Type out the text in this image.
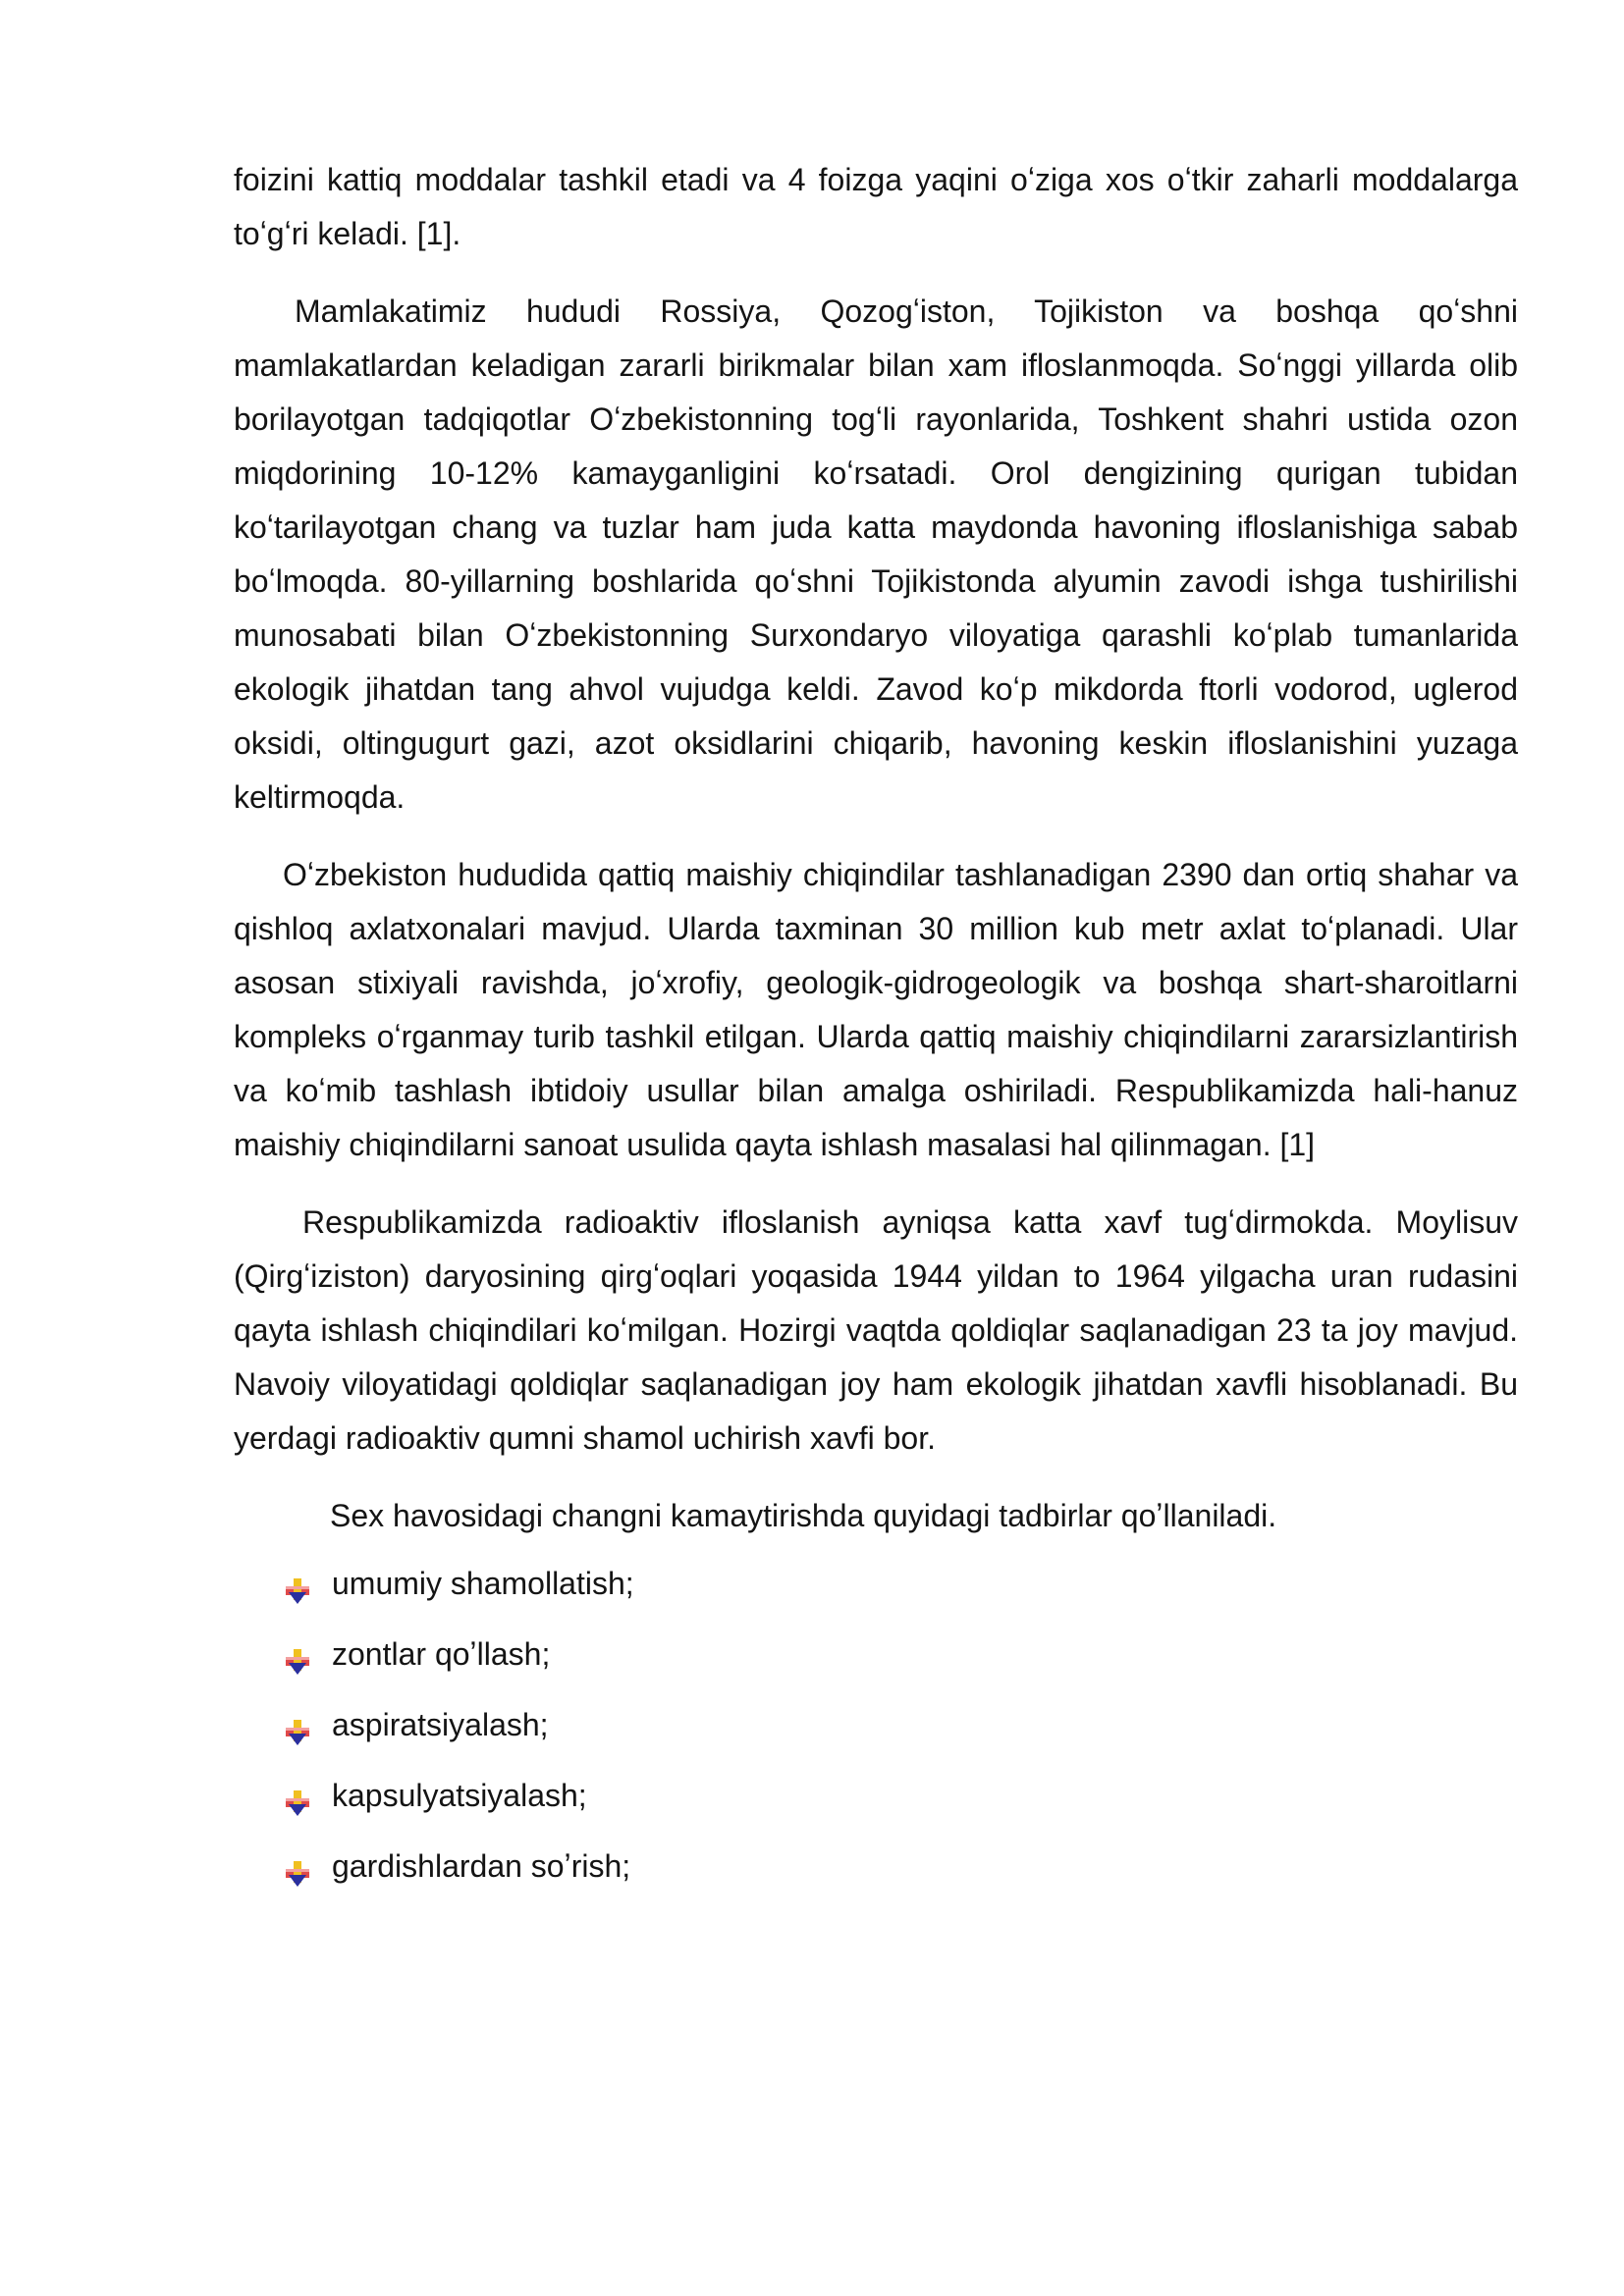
foizini kattiq moddalar tashkil etadi va 4 foizga yaqini oʻziga xos oʻtkir zaharli moddalarga toʻgʻri keladi. [1].

Mamlakatimiz hududi Rossiya, Qozogʻiston, Tojikiston va boshqa qoʻshni mamlakatlardan keladigan zararli birikmalar bilan xam ifloslanmoqda. Soʻnggi yillarda olib borilayotgan tadqiqotlar Oʻzbekistonning togʻli rayonlarida, Toshkent shahri ustida ozon miqdorining 10-12% kamayganligini koʻrsatadi. Orol dengizining qurigan tubidan koʻtarilayotgan chang va tuzlar ham juda katta maydonda havoning ifloslanishiga sabab boʻlmoqda. 80-yillarning boshlarida qoʻshni Tojikistonda alyumin zavodi ishga tushirilishi munosabati bilan Oʻzbekistonning Surxondaryo viloyatiga qarashli koʻplab tumanlarida ekologik jihatdan tang ahvol vujudga keldi. Zavod koʻp mikdorda ftorli vodorod, uglerod oksidi, oltingugurt gazi, azot oksidlarini chiqarib, havoning keskin ifloslanishini yuzaga keltirmoqda.

Oʻzbekiston hududida qattiq maishiy chiqindilar tashlanadigan 2390 dan ortiq shahar va qishloq axlatxonalari mavjud. Ularda taxminan 30 million kub metr axlat toʻplanadi. Ular asosan stixiyali ravishda, joʻxrofiy, geologik-gidrogeologik va boshqa shart-sharoitlarni kompleks oʻrganmay turib tashkil etilgan. Ularda qattiq maishiy chiqindilarni zararsizlantirish va koʻmib tashlash ibtidoiy usullar bilan amalga oshiriladi. Respublikamizda hali-hanuz maishiy chiqindilarni sanoat usulida qayta ishlash masalasi hal qilinmagan. [1]

Respublikamizda radioaktiv ifloslanish ayniqsa katta xavf tugʻdirmokda. Moylisuv (Qirgʻiziston) daryosining qirgʻoqlari yoqasida 1944 yildan to 1964 yilgacha uran rudasini qayta ishlash chiqindilari koʻmilgan. Hozirgi vaqtda qoldiqlar saqlanadigan 23 ta joy mavjud. Navoiy viloyatidagi qoldiqlar saqlanadigan joy ham ekologik jihatdan xavfli hisoblanadi. Bu yerdagi radioaktiv qumni shamol uchirish xavfi bor.

Sex havosidagi changni kamaytirishda quyidagi tadbirlar qoʼllaniladi.

umumiy shamollatish;
zontlar qoʼllash;
aspiratsiyalash;
kapsulyatsiyalash;
gardishlardan soʼrish;
